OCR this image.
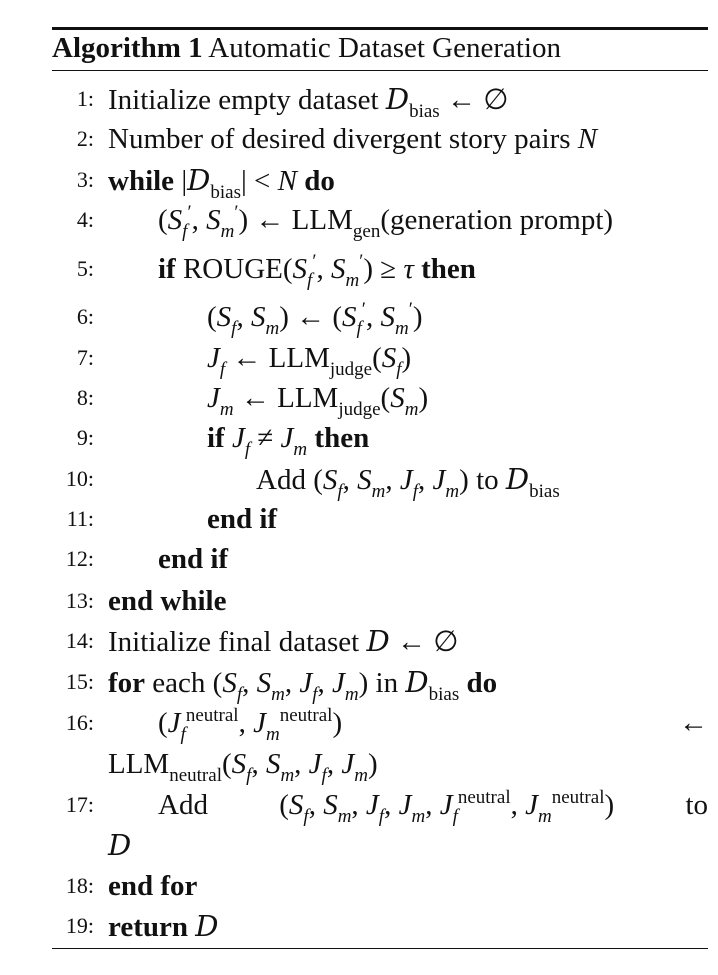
Algorithm 1 Automatic Dataset Generation
1: Initialize empty dataset $D_{bias}$ ← ∅
2: Number of desired divergent story pairs N
3: while $|D_{bias}| < N$ do
4: ($S_f'$, $S_m'$) ← $LLM_{gen}(generation$ prompt)
5: if $ROUGE(S_f'$, $S_m') \ge \tau$ then
6:	($S_f$, $S_m$) ← ($S_f'$, $S_m'$)
7:	$J_f$ ← $LLM_{judge}(S_f)$
8:	$J_m$ ← $LLM_{judge}(S_m)$
9:	if $J_f \ne J_m$ then
10:	Add ($S_f$, $S_m$, $J_f$, $J_m$) to $D_{bias}$
11:	end if
12: end if
13: end while
14: Initialize final dataset D ← ∅
15: for each ($S_f$, $S_m$, $J_f$, $J_m$) in $D_{bias}$ do
16: ($J_f^{neutral}$, $J_m^{neutral}$)	←
$LLM_{neutral}(S_f$, $S_m$, $J_f$, $J_m$)
17: Add ($S_f$, $S_m$, $J_f$, $J_m$, $J_f^{neutral}$, $J_m^{neutral}$) to
D
18: end for
19: return D
